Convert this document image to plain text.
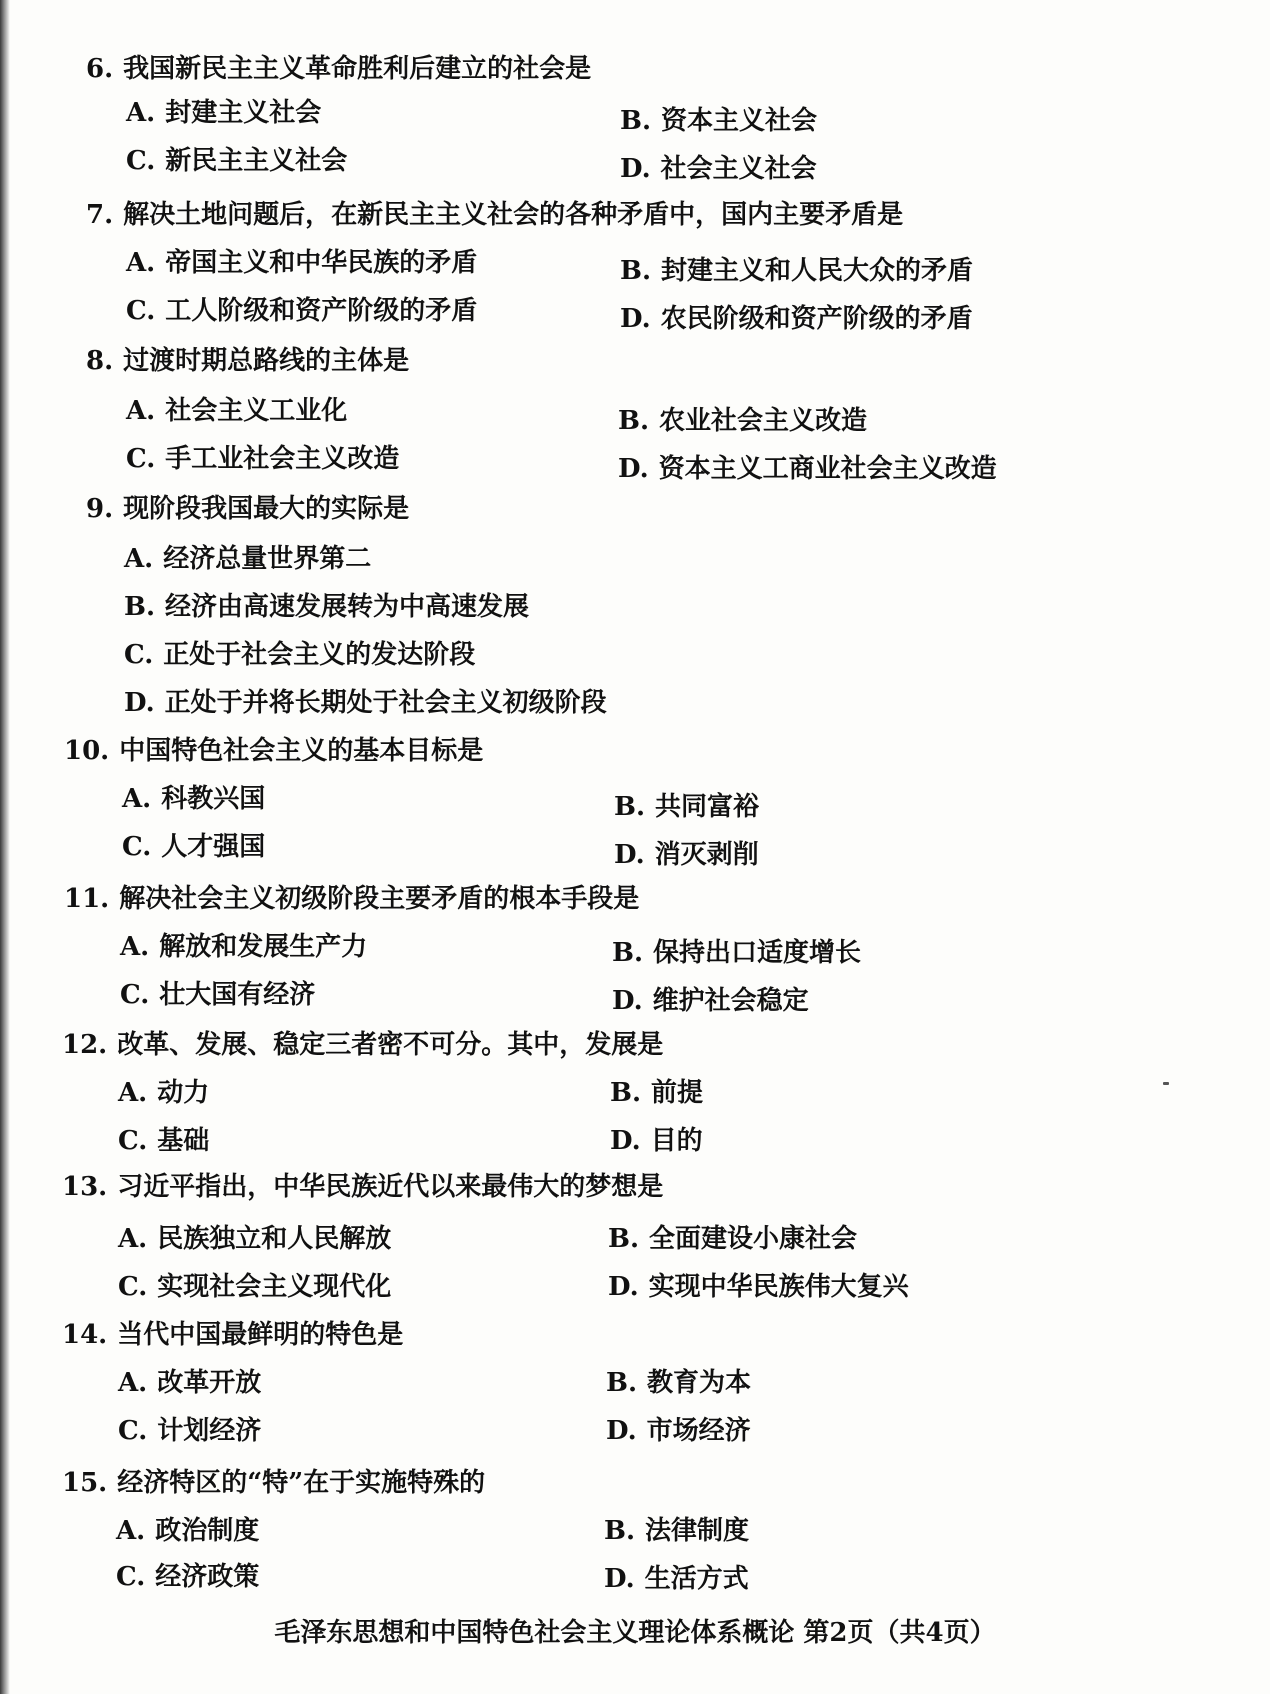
6. 我国新民主主义革命胜利后建立的社会是
A. 封建主义社会	B. 资本主义社会
C. 新民主主义社会	D. 社会主义社会
7. 解决土地问题后，在新民主主义社会的各种矛盾中，国内主要矛盾是
A. 帝国主义和中华民族的矛盾	B. 封建主义和人民大众的矛盾
C. 工人阶级和资产阶级的矛盾	D. 农民阶级和资产阶级的矛盾
8. 过渡时期总路线的主体是
A. 社会主义工业化	B. 农业社会主义改造
C. 手工业社会主义改造	D. 资本主义工商业社会主义改造
9. 现阶段我国最大的实际是
A. 经济总量世界第二
B. 经济由高速发展转为中高速发展
C. 正处于社会主义的发达阶段
D. 正处于并将长期处于社会主义初级阶段
10. 中国特色社会主义的基本目标是
A. 科教兴国	B. 共同富裕
C. 人才强国	D. 消灭剥削
11. 解决社会主义初级阶段主要矛盾的根本手段是
A. 解放和发展生产力	B. 保持出口适度增长
C. 壮大国有经济	D. 维护社会稳定
12. 改革、发展、稳定三者密不可分。其中，发展是
A. 动力	B. 前提
C. 基础	D. 目的
13. 习近平指出，中华民族近代以来最伟大的梦想是
A. 民族独立和人民解放	B. 全面建设小康社会
C. 实现社会主义现代化	D. 实现中华民族伟大复兴
14. 当代中国最鲜明的特色是
A. 改革开放	B. 教育为本
C. 计划经济	D. 市场经济
15. 经济特区的“特”在于实施特殊的
A. 政治制度	B. 法律制度
C. 经济政策	D. 生活方式
毛泽东思想和中国特色社会主义理论体系概论 第2页（共4页）
